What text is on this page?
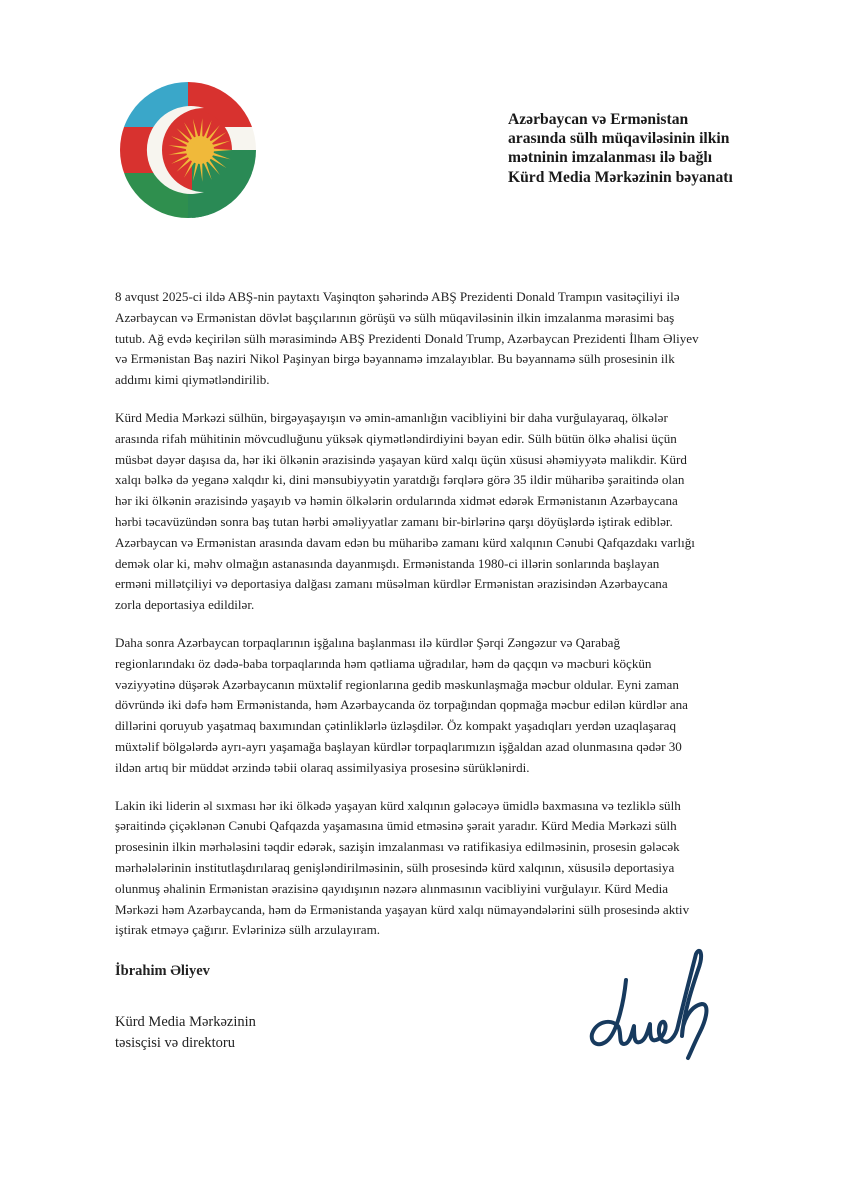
Azərbaycan və Ermənistan
arasında sülh müqaviləsinin ilkin
mətninin imzalanması ilə bağlı
Kürd Media Mərkəzinin bəyanatı

8 avqust 2025-ci ildə ABŞ-nin paytaxtı Vaşinqton şəhərində ABŞ Prezidenti Donald Trampın vasitəçiliyi ilə
Azərbaycan və Ermənistan dövlət başçılarının görüşü və sülh müqaviləsinin ilkin imzalanma mərasimi baş
tutub. Ağ evdə keçirilən sülh mərasimində ABŞ Prezidenti Donald Trump, Azərbaycan Prezidenti İlham Əliyev
və Ermənistan Baş naziri Nikol Paşinyan birgə bəyannamə imzalayıblar. Bu bəyannamə sülh prosesinin ilk
addımı kimi qiymətləndirilib.

Kürd Media Mərkəzi sülhün, birgəyaşayışın və əmin-amanlığın vacibliyini bir daha vurğulayaraq, ölkələr
arasında rifah mühitinin mövcudluğunu yüksək qiymətləndirdiyini bəyan edir. Sülh bütün ölkə əhalisi üçün
müsbət dəyər daşısa da, hər iki ölkənin ərazisində yaşayan kürd xalqı üçün xüsusi əhəmiyyətə malikdir. Kürd
xalqı bəlkə də yeganə xalqdır ki, dini mənsubiyyətin yaratdığı fərqlərə görə 35 ildir müharibə şəraitində olan
hər iki ölkənin ərazisində yaşayıb və həmin ölkələrin ordularında xidmət edərək Ermənistanın Azərbaycana
hərbi təcavüzündən sonra baş tutan hərbi əməliyyatlar zamanı bir-birlərinə qarşı döyüşlərdə iştirak ediblər.
Azərbaycan və Ermənistan arasında davam edən bu müharibə zamanı kürd xalqının Cənubi Qafqazdakı varlığı
demək olar ki, məhv olmağın astanasında dayanmışdı. Ermənistanda 1980-ci illərin sonlarında başlayan
erməni millətçiliyi və deportasiya dalğası zamanı müsəlman kürdlər Ermənistan ərazisindən Azərbaycana
zorla deportasiya edildilər.

Daha sonra Azərbaycan torpaqlarının işğalına başlanması ilə kürdlər Şərqi Zəngəzur və Qarabağ
regionlarındakı öz dədə-baba torpaqlarında həm qətliama uğradılar, həm də qaçqın və məcburi köçkün
vəziyyətinə düşərək Azərbaycanın müxtəlif regionlarına gedib məskunlaşmağa məcbur oldular. Eyni zaman
dövründə iki dəfə həm Ermənistanda, həm Azərbaycanda öz torpağından qopmağa məcbur edilən kürdlər ana
dillərini qoruyub yaşatmaq baxımından çətinliklərlə üzləşdilər. Öz kompakt yaşadıqları yerdən uzaqlaşaraq
müxtəlif bölgələrdə ayrı-ayrı yaşamağa başlayan kürdlər torpaqlarımızın işğaldan azad olunmasına qədər 30
ildən artıq bir müddət ərzində təbii olaraq assimilyasiya prosesinə sürüklənirdi.

Lakin iki liderin əl sıxması hər iki ölkədə yaşayan kürd xalqının gələcəyə ümidlə baxmasına və tezliklə sülh
şəraitində çiçəklənən Cənubi Qafqazda yaşamasına ümid etməsinə şərait yaradır. Kürd Media Mərkəzi sülh
prosesinin ilkin mərhələsini təqdir edərək, sazişin imzalanması və ratifikasiya edilməsinin, prosesin gələcək
mərhələlərinin institutlaşdırılaraq genişləndirilməsinin, sülh prosesində kürd xalqının, xüsusilə deportasiya
olunmuş əhalinin Ermənistan ərazisinə qayıdışının nəzərə alınmasının vacibliyini vurğulayır. Kürd Media
Mərkəzi həm Azərbaycanda, həm də Ermənistanda yaşayan kürd xalqı nümayəndələrini sülh prosesində aktiv
iştirak etməyə çağırır. Evlərinizə sülh arzulayıram.

İbrahim Əliyev

Kürd Media Mərkəzinin
təsisçisi və direktoru
